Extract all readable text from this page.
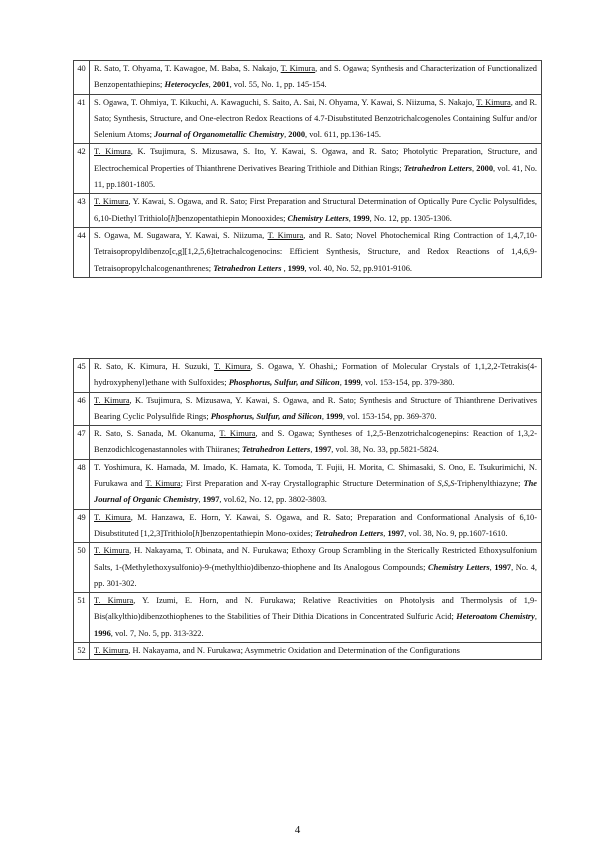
40	R. Sato, T. Ohyama, T. Kawagoe, M. Baba, S. Nakajo, T. Kimura, and S. Ogawa; Synthesis and Characterization of Functionalized Benzopentathiepins; Heterocycles, 2001, vol. 55, No. 1, pp. 145-154.
41	S. Ogawa, T. Ohmiya, T. Kikuchi, A. Kawaguchi, S. Saito, A. Sai, N. Ohyama, Y. Kawai, S. Niizuma, S. Nakajo, T. Kimura, and R. Sato; Synthesis, Structure, and One-electron Redox Reactions of 4.7-Disubstituted Benzotrichalcogenoles Containing Sulfur and/or Selenium Atoms; Journal of Organometallic Chemistry, 2000, vol. 611, pp.136-145.
42	T. Kimura, K. Tsujimura, S. Mizusawa, S. Ito, Y. Kawai, S. Ogawa, and R. Sato; Photolytic Preparation, Structure, and Electrochemical Properties of Thianthrene Derivatives Bearing Trithiole and Dithian Rings; Tetrahedron Letters, 2000, vol. 41, No. 11, pp.1801-1805.
43	T. Kimura, Y. Kawai, S. Ogawa, and R. Sato; First Preparation and Structural Determination of Optically Pure Cyclic Polysulfides, 6,10-Diethyl Trithiolo[h]benzopentathiepin Monooxides; Chemistry Letters, 1999, No. 12, pp. 1305-1306.
44	S. Ogawa, M. Sugawara, Y. Kawai, S. Niizuma, T. Kimura, and R. Sato; Novel Photochemical Ring Contraction of 1,4,7,10-Tetraisopropyldibenzo[c,g][1,2,5,6]tetrachalcogenocins: Efficient Synthesis, Structure, and Redox Reactions of 1,4,6,9-Tetraisopropylchalcogenanthrenes; Tetrahedron Letters , 1999, vol. 40, No. 52, pp.9101-9106.
45	R. Sato, K. Kimura, H. Suzuki, T. Kimura, S. Ogawa, Y. Ohashi,; Formation of Molecular Crystals of 1,1,2,2-Tetrakis(4-hydroxyphenyl)ethane with Sulfoxides; Phosphorus, Sulfur, and Silicon, 1999, vol. 153-154, pp. 379-380.
46	T. Kimura, K. Tsujimura, S. Mizusawa, Y. Kawai, S. Ogawa, and R. Sato; Synthesis and Structure of Thianthrene Derivatives Bearing Cyclic Polysulfide Rings; Phosphorus, Sulfur, and Silicon, 1999, vol. 153-154, pp. 369-370.
47	R. Sato, S. Sanada, M. Okanuma, T. Kimura, and S. Ogawa; Syntheses of 1,2,5-Benzotrichalcogenepins: Reaction of 1,3,2-Benzodichlcogenastannoles with Thiiranes; Tetrahedron Letters, 1997, vol. 38, No. 33, pp.5821-5824.
48	T. Yoshimura, K. Hamada, M. Imado, K. Hamata, K. Tomoda, T. Fujii, H. Morita, C. Shimasaki, S. Ono, E. Tsukurimichi, N. Furukawa and T. Kimura; First Preparation and X-ray Crystallographic Structure Determination of S,S,S-Triphenylthiazyne; The Journal of Organic Chemistry, 1997, vol.62, No. 12, pp. 3802-3803.
49	T. Kimura, M. Hanzawa, E. Horn, Y. Kawai, S. Ogawa, and R. Sato; Preparation and Conformational Analysis of 6,10-Disubstituted [1,2,3]Trithiolo[h]benzopentathiepin Mono-oxides; Tetrahedron Letters, 1997, vol. 38, No. 9, pp.1607-1610.
50	T. Kimura, H. Nakayama, T. Obinata, and N. Furukawa; Ethoxy Group Scrambling in the Sterically Restricted Ethoxysulfonium Salts, 1-(Methylethoxysulfonio)-9-(methylthio)dibenzo-thiophene and Its Analogous Compounds; Chemistry Letters, 1997, No. 4, pp. 301-302.
51	T. Kimura, Y. Izumi, E. Horn, and N. Furukawa; Relative Reactivities on Photolysis and Thermolysis of 1,9-Bis(alkylthio)dibenzothiophenes to the Stabilities of Their Dithia Dications in Concentrated Sulfuric Acid; Heteroatom Chemistry, 1996, vol. 7, No. 5, pp. 313-322.
52	T. Kimura, H. Nakayama, and N. Furukawa; Asymmetric Oxidation and Determination of the Configurations
4
